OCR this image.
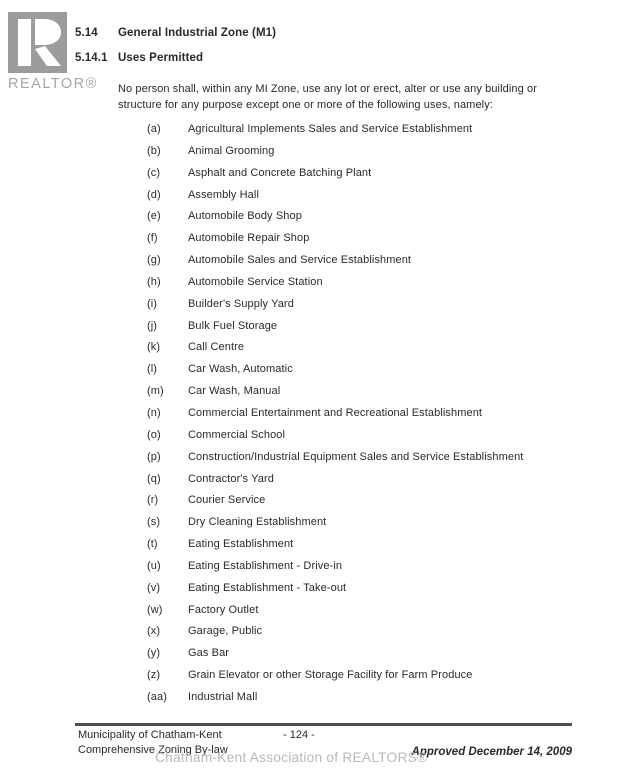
REALTOR®
5.14 General Industrial Zone (M1)
5.14.1 Uses Permitted
No person shall, within any MI Zone, use any lot or erect, alter or use any building or structure for any purpose except one or more of the following uses, namely:
(a)	Agricultural Implements Sales and Service Establishment
(b)	Animal Grooming
(c)	Asphalt and Concrete Batching Plant
(d)	Assembly Hall
(e)	Automobile Body Shop
(f)	Automobile Repair Shop
(g)	Automobile Sales and Service Establishment
(h)	Automobile Service Station
(i)	Builder's Supply Yard
(j)	Bulk Fuel Storage
(k)	Call Centre
(l)	Car Wash, Automatic
(m)	Car Wash, Manual
(n)	Commercial Entertainment and Recreational Establishment
(o)	Commercial School
(p)	Construction/Industrial Equipment Sales and Service Establishment
(q)	Contractor's Yard
(r)	Courier Service
(s)	Dry Cleaning Establishment
(t)	Eating Establishment
(u)	Eating Establishment - Drive-in
(v)	Eating Establishment - Take-out
(w)	Factory Outlet
(x)	Garage, Public
(y)	Gas Bar
(z)	Grain Elevator or other Storage Facility for Farm Produce
(aa)	Industrial Mall
Municipality of Chatham-Kent	- 124 -
Comprehensive Zoning By-law	Approved December 14, 2009
Chatham-Kent Association of REALTORS®
